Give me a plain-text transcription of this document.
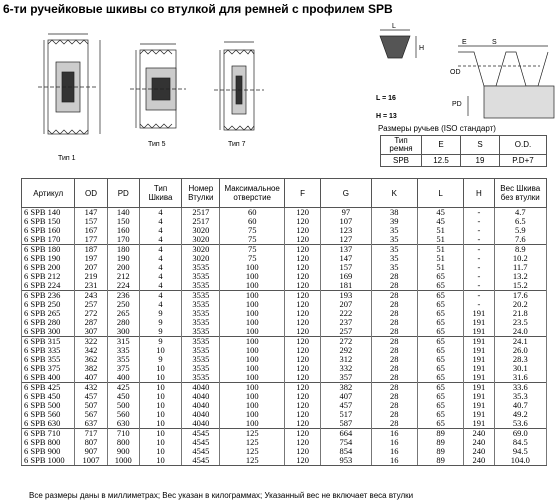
6-ти ручейковые шкивы со втулкой для ремней с профилем SPB
Тип 1
Тип 5	Тип 7
L
H
E	S
OD
PD
L = 16
H = 13
Размеры ручьев (ISO стандарт)
Тип ремня	E	S	O.D.
SPB	12.5	19	P.D+7
Артикул	OD	PD	Тип Шкива	Номер Втулки	Максимальное отверстие	F	G	K	L	H	Вес Шкива без втулки
6 SPB 140	147	140	4	2517	60	120	97	38	45	-	4.7
6 SPB 150	157	150	4	2517	60	120	107	39	45	-	6.5
6 SPB 160	167	160	4	3020	75	120	123	35	51	-	5.9
6 SPB 170	177	170	4	3020	75	120	127	35	51	-	7.6
6 SPB 180	187	180	4	3020	75	120	137	35	51	-	8.9
6 SPB 190	197	190	4	3020	75	120	147	35	51	-	10.2
6 SPB 200	207	200	4	3535	100	120	157	35	51	-	11.7
6 SPB 212	219	212	4	3535	100	120	169	28	65	-	13.2
6 SPB 224	231	224	4	3535	100	120	181	28	65	-	15.2
6 SPB 236	243	236	4	3535	100	120	193	28	65	-	17.6
6 SPB 250	257	250	4	3535	100	120	207	28	65	-	20.2
6 SPB 265	272	265	9	3535	100	120	222	28	65	191	21.8
6 SPB 280	287	280	9	3535	100	120	237	28	65	191	23.5
6 SPB 300	307	300	9	3535	100	120	257	28	65	191	24.0
6 SPB 315	322	315	9	3535	100	120	272	28	65	191	24.1
6 SPB 335	342	335	10	3535	100	120	292	28	65	191	26.0
6 SPB 355	362	355	9	3535	100	120	312	28	65	191	28.3
6 SPB 375	382	375	10	3535	100	120	332	28	65	191	30.1
6 SPB 400	407	400	10	3535	100	120	357	28	65	191	31.6
6 SPB 425	432	425	10	4040	100	120	382	28	65	191	33.6
6 SPB 450	457	450	10	4040	100	120	407	28	65	191	35.3
6 SPB 500	507	500	10	4040	100	120	457	28	65	191	40.7
6 SPB 560	567	560	10	4040	100	120	517	28	65	191	49.2
6 SPB 630	637	630	10	4040	100	120	587	28	65	191	53.6
6 SPB 710	717	710	10	4545	125	120	664	16	89	240	69.0
6 SPB 800	807	800	10	4545	125	120	754	16	89	240	84.5
6 SPB 900	907	900	10	4545	125	120	854	16	89	240	94.5
6 SPB 1000	1007	1000	10	4545	125	120	953	16	89	240	104.0
Все размеры даны в миллиметрах; Вес указан в килограммах; Указанный вес не включает веса втулки
